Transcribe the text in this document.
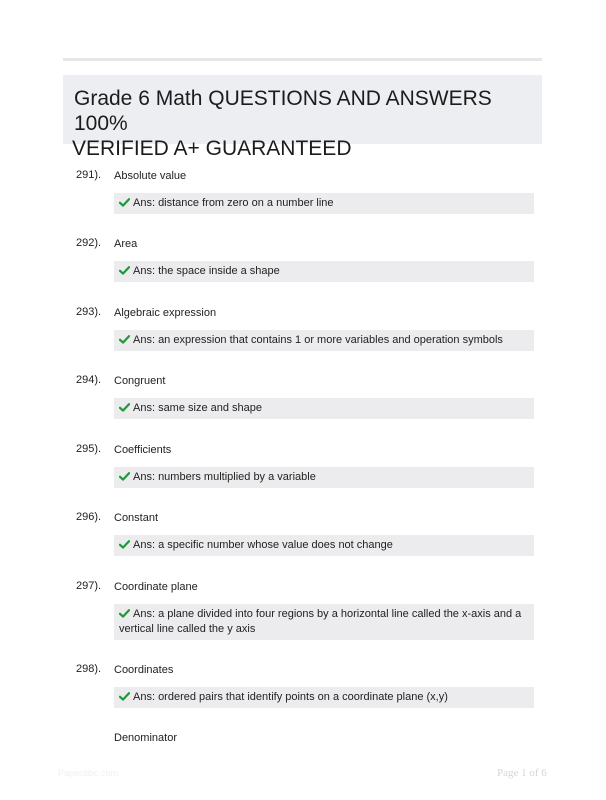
Grade 6 Math QUESTIONS AND ANSWERS 100%
VERIFIED A+ GUARANTEED
291). Absolute value
Ans: distance from zero on a number line
292). Area
Ans: the space inside a shape
293). Algebraic expression
Ans: an expression that contains 1 or more variables and operation symbols
294). Congruent
Ans: same size and shape
295). Coefficients
Ans: numbers multiplied by a variable
296). Constant
Ans: a specific number whose value does not change
297). Coordinate plane
Ans: a plane divided into four regions by a horizontal line called the x-axis and a
vertical line called the y axis
298). Coordinates
Ans: ordered pairs that identify points on a coordinate plane (x,y)
Denominator
Paperdibc.com	Page 1 of 6
